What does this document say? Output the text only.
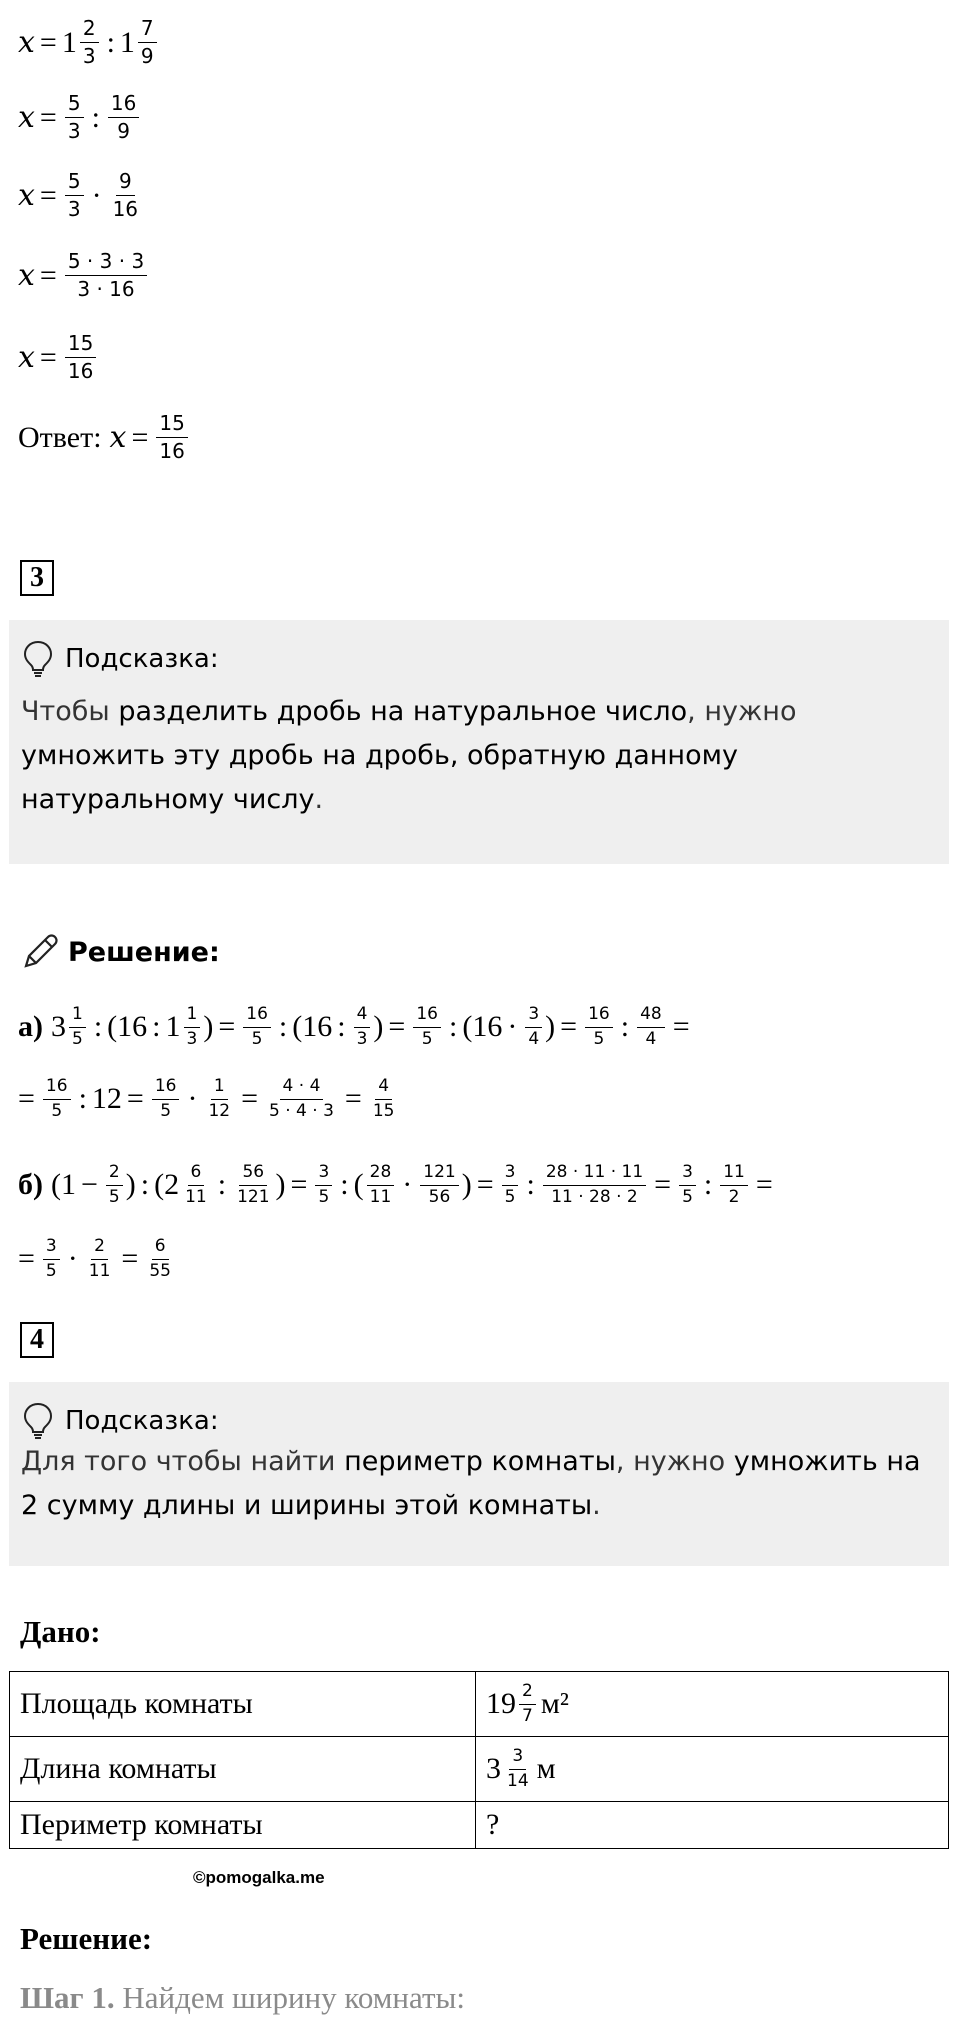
$x = 1 \frac{2}{3}$ : $1 \frac{7}{9}$
$x = \frac{5}{3}$ : $\frac{16}{9}$
$x = \frac{5}{3} \cdot \frac{9}{16}$
$x = \frac{5 \cdot 3 \cdot 3}{3 \cdot 16}$
$x = \frac{15}{16}$
Ответ: $x = \frac{15}{16}$
3
Подсказка:
Чтобы разделить дробь на натуральное число, нужно умножить эту дробь на дробь, обратную данному натуральному числу.
Решение:
а) $3 \frac{1}{5}$ : ( 16 : $1 \frac{1}{3}$ ) = $\frac{16}{5}$ : ( 16 : $\frac{4}{3}$ ) = $\frac{16}{5}$ : ( $16 \cdot \frac{3}{4}$ ) = $\frac{16}{5}$ : $\frac{48}{4}$ =
= $\frac{16}{5}$ : $12 = \frac{16}{5} \cdot \frac{1}{12} = \frac{4 \cdot 4}{5 \cdot 4 \cdot 3} = \frac{4}{15}$
б) ( $1 - \frac{2}{5}$ ) : ( $2 \frac{6}{11}$ : $\frac{56}{121}$ ) = $\frac{3}{5}$ : ( $\frac{28}{11} \cdot \frac{121}{56}$ ) = $\frac{3}{5}$ : $\frac{28 \cdot 11 \cdot 11}{11 \cdot 28 \cdot 2} = \frac{3}{5}$ : $\frac{11}{2}$ =
= $\frac{3}{5} \cdot \frac{2}{11} = \frac{6}{55}$
4
Подсказка:
Для того чтобы найти периметр комнаты, нужно умножить на 2 сумму длины и ширины этой комнаты.
Дано:
Площадь комнаты	$19 \frac{2}{7} м^2$

Длина комнаты	$3 \frac{3}{14}$ м

Периметр комнаты	?
©pomogalka.me
Решение:
Шаг 1. Найдем ширину комнаты:
